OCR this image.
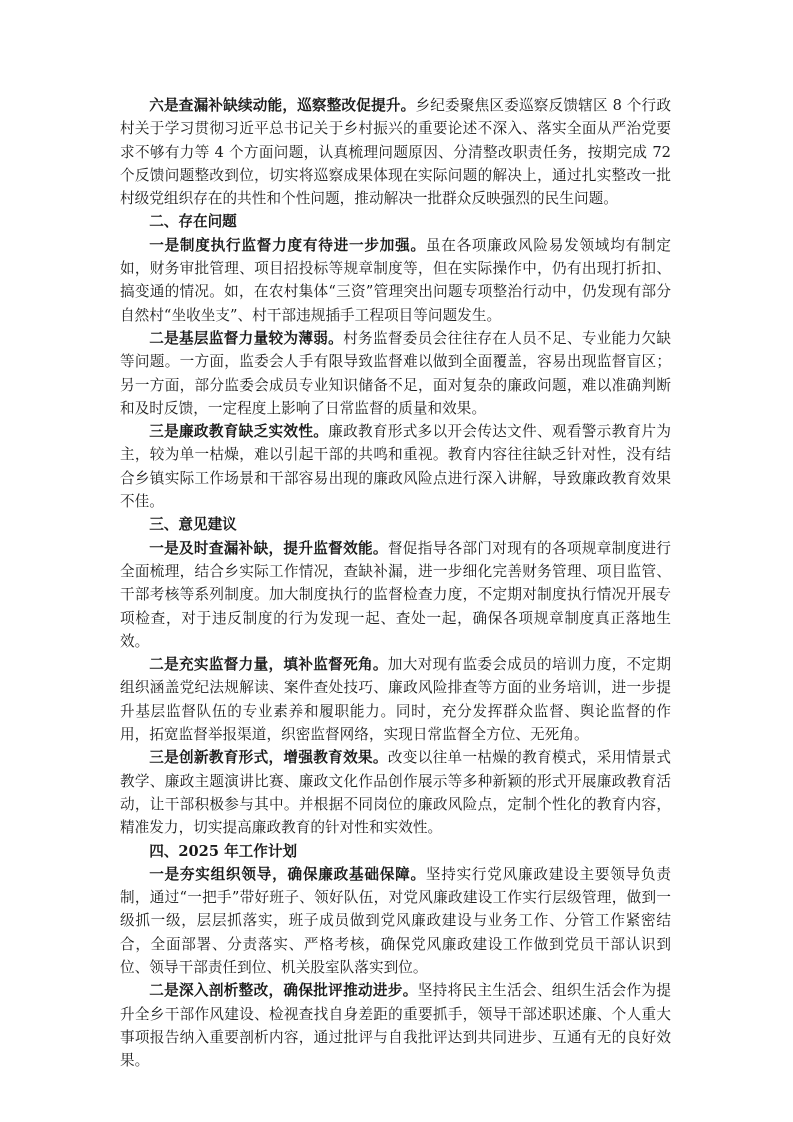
六是查漏补缺续动能，巡察整改促提升。乡纪委聚焦区委巡察反馈辖区 8 个行政村关于学习贯彻习近平总书记关于乡村振兴的重要论述不深入、落实全面从严治党要求不够有力等 4 个方面问题，认真梳理问题原因、分清整改职责任务，按期完成 72 个反馈问题整改到位，切实将巡察成果体现在实际问题的解决上，通过扎实整改一批村级党组织存在的共性和个性问题，推动解决一批群众反映强烈的民生问题。

二、存在问题

一是制度执行监督力度有待进一步加强。虽在各项廉政风险易发领域均有制定如，财务审批管理、项目招投标等规章制度等，但在实际操作中，仍有出现打折扣、搞变通的情况。如，在农村集体“三资”管理突出问题专项整治行动中，仍发现有部分自然村“坐收坐支”、村干部违规插手工程项目等问题发生。

二是基层监督力量较为薄弱。村务监督委员会往往存在人员不足、专业能力欠缺等问题。一方面，监委会人手有限导致监督难以做到全面覆盖，容易出现监督盲区；另一方面，部分监委会成员专业知识储备不足，面对复杂的廉政问题，难以准确判断和及时反馈，一定程度上影响了日常监督的质量和效果。

三是廉政教育缺乏实效性。廉政教育形式多以开会传达文件、观看警示教育片为主，较为单一枯燥，难以引起干部的共鸣和重视。教育内容往往缺乏针对性，没有结合乡镇实际工作场景和干部容易出现的廉政风险点进行深入讲解，导致廉政教育效果不佳。

三、意见建议

一是及时查漏补缺，提升监督效能。督促指导各部门对现有的各项规章制度进行全面梳理，结合乡实际工作情况，查缺补漏，进一步细化完善财务管理、项目监管、干部考核等系列制度。加大制度执行的监督检查力度，不定期对制度执行情况开展专项检查，对于违反制度的行为发现一起、查处一起，确保各项规章制度真正落地生效。

二是充实监督力量，填补监督死角。加大对现有监委会成员的培训力度，不定期组织涵盖党纪法规解读、案件查处技巧、廉政风险排查等方面的业务培训，进一步提升基层监督队伍的专业素养和履职能力。同时，充分发挥群众监督、舆论监督的作用，拓宽监督举报渠道，织密监督网络，实现日常监督全方位、无死角。

三是创新教育形式，增强教育效果。改变以往单一枯燥的教育模式，采用情景式教学、廉政主题演讲比赛、廉政文化作品创作展示等多种新颖的形式开展廉政教育活动，让干部积极参与其中。并根据不同岗位的廉政风险点，定制个性化的教育内容，精准发力，切实提高廉政教育的针对性和实效性。

四、2025 年工作计划

一是夯实组织领导，确保廉政基础保障。坚持实行党风廉政建设主要领导负责制，通过“一把手”带好班子、领好队伍，对党风廉政建设工作实行层级管理，做到一级抓一级，层层抓落实，班子成员做到党风廉政建设与业务工作、分管工作紧密结合，全面部署、分责落实、严格考核，确保党风廉政建设工作做到党员干部认识到位、领导干部责任到位、机关股室队落实到位。

二是深入剖析整改，确保批评推动进步。坚持将民主生活会、组织生活会作为提升全乡干部作风建设、检视查找自身差距的重要抓手，领导干部述职述廉、个人重大事项报告纳入重要剖析内容，通过批评与自我批评达到共同进步、互通有无的良好效果。
